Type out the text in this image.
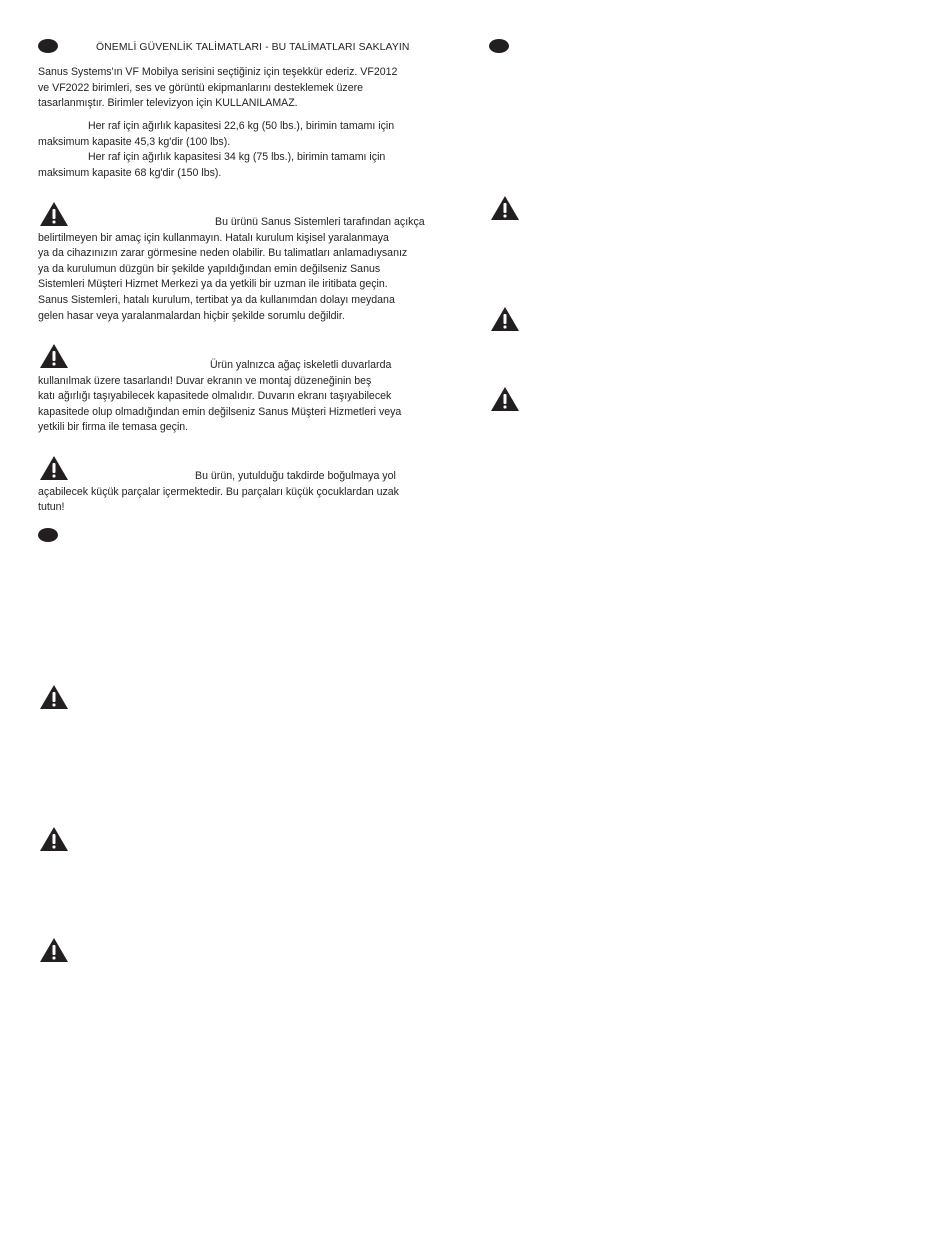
ÖNEMLİ GÜVENLİK TALİMATLARI - BU TALİMATLARI SAKLAYIN
Sanus Systems'ın VF Mobilya serisini seçtiğiniz için teşekkür ederiz. VF2012
ve VF2022 birimleri, ses ve görüntü ekipmanlarını desteklemek üzere
tasarlanmıştır. Birimler televizyon için KULLANILAMAZ.
Her raf için ağırlık kapasitesi 22,6 kg (50 lbs.), birimin tamamı için
maksimum kapasite 45,3 kg'dir (100 lbs).
Her raf için ağırlık kapasitesi 34 kg (75 lbs.), birimin tamamı için
maksimum kapasite 68 kg'dir (150 lbs).
Bu ürünü Sanus Sistemleri tarafından açıkça
belirtilmeyen bir amaç için kullanmayın. Hatalı kurulum kişisel yaralanmaya
ya da cihazınızın zarar görmesine neden olabilir. Bu talimatları anlamadıysanız
ya da kurulumun düzgün bir şekilde yapıldığından emin değilseniz Sanus
Sistemleri Müşteri Hizmet Merkezi ya da yetkili bir uzman ile iritibata geçin.
Sanus Sistemleri, hatalı kurulum, tertibat ya da kullanımdan dolayı meydana
gelen hasar veya yaralanmalardan hiçbir şekilde sorumlu değildir.
Ürün yalnızca ağaç iskeletli duvarlarda
kullanılmak üzere tasarlandı! Duvar ekranın ve montaj düzeneğinin beş
katı ağırlığı taşıyabilecek kapasitede olmalıdır. Duvarın ekranı taşıyabilecek
kapasitede olup olmadığından emin değilseniz Sanus Müşteri Hizmetleri veya
yetkili bir firma ile temasa geçin.
Bu ürün, yutulduğu takdirde boğulmaya yol
açabilecek küçük parçalar içermektedir. Bu parçaları küçük çocuklardan uzak
tutun!
